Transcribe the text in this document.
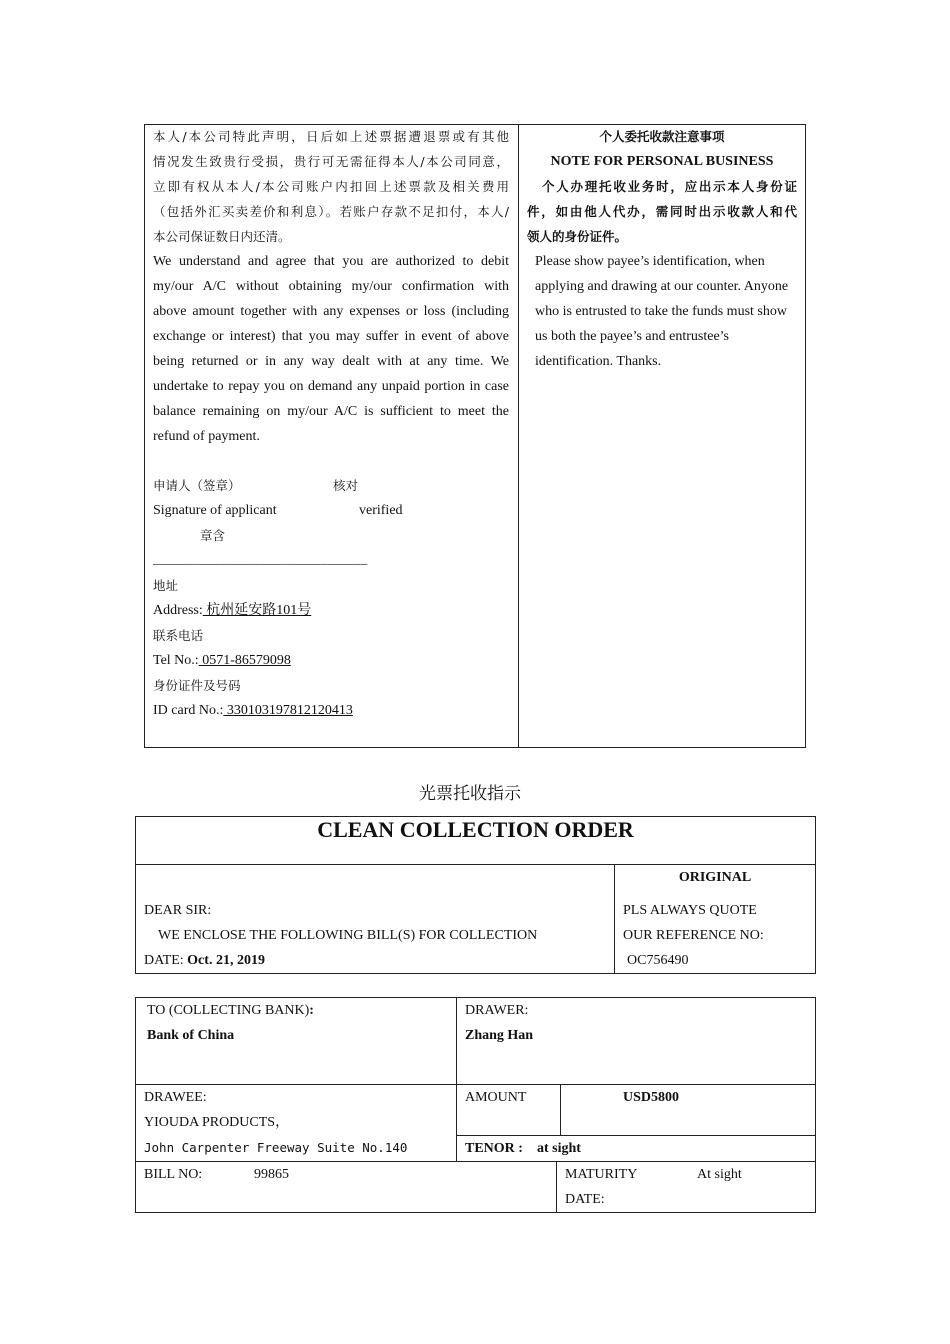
本人/本公司特此声明，日后如上述票据遭退票或有其他
情况发生致贵行受损，贵行可无需征得本人/本公司同意，
立即有权从本人/本公司账户内扣回上述票款及相关费用
（包括外汇买卖差价和利息）。若账户存款不足扣付，本人/
本公司保证数日内还清。
We understand and agree that you are authorized to debit
my/our A/C without obtaining my/our confirmation with
above amount together with any expenses or loss (including
exchange or interest) that you may suffer in event of above
being returned or in any way dealt with at any time. We
undertake to repay you on demand any unpaid portion in case
balance remaining on my/our A/C is sufficient to meet the
refund of payment.
申请人（签章）	核对
Signature of applicant	verified
章含
________________________________
地址
Address: 杭州延安路101号
联系电话
Tel No.: 0571-86579098
身份证件及号码
ID card No.: 330103197812120413
个人委托收款注意事项
NOTE FOR PERSONAL BUSINESS
个人办理托收业务时，应出示本人身份证
件，如由他人代办，需同时出示收款人和代
领人的身份证件。
Please show payee’s identification, when
applying and drawing at our counter. Anyone
who is entrusted to take the funds must show
us both the payee’s and entrustee’s
identification. Thanks.
光票托收指示
CLEAN COLLECTION ORDER
ORIGINAL
DEAR SIR:
WE ENCLOSE THE FOLLOWING BILL(S) FOR COLLECTION
DATE: Oct. 21, 2019
PLS ALWAYS QUOTE
OUR REFERENCE NO:
OC756490
TO (COLLECTING BANK):
Bank of China
DRAWER:
Zhang Han
DRAWEE:
YIOUDA PRODUCTS，
John Carpenter Freeway Suite No.140
AMOUNT	USD5800
TENOR : at sight
BILL NO:	99865	MATURITY	At sight
DATE:
